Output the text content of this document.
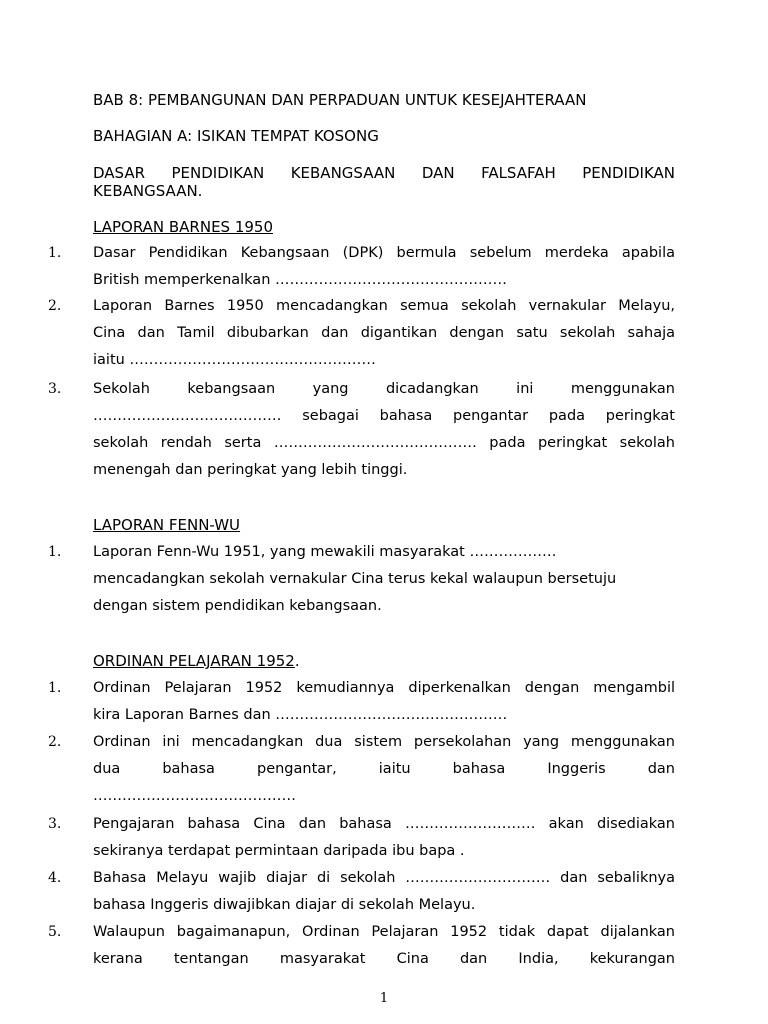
BAB 8: PEMBANGUNAN DAN PERPADUAN UNTUK KESEJAHTERAAN
BAHAGIAN A: ISIKAN TEMPAT KOSONG
DASAR PENDIDIKAN KEBANGSAAN DAN FALSAFAH PENDIDIKAN
KEBANGSAAN.
LAPORAN BARNES 1950
1. Dasar Pendidikan Kebangsaan (DPK) bermula sebelum merdeka apabila
British memperkenalkan …………………………………………
2. Laporan Barnes 1950 mencadangkan semua sekolah vernakular Melayu,
Cina dan Tamil dibubarkan dan digantikan dengan satu sekolah sahaja
iaitu ……………………………………………
3. Sekolah kebangsaan yang dicadangkan ini menggunakan
………………………………… sebagai bahasa pengantar pada peringkat
sekolah rendah serta …………………………………… pada peringkat sekolah
menengah dan peringkat yang lebih tinggi.
LAPORAN FENN-WU
1. Laporan Fenn-Wu 1951, yang mewakili masyarakat ………………
mencadangkan sekolah vernakular Cina terus kekal walaupun bersetuju
dengan sistem pendidikan kebangsaan.
ORDINAN PELAJARAN 1952.
1. Ordinan Pelajaran 1952 kemudiannya diperkenalkan dengan mengambil
kira Laporan Barnes dan …………………………………………
2. Ordinan ini mencadangkan dua sistem persekolahan yang menggunakan
dua bahasa pengantar, iaitu bahasa Inggeris dan
……………………………………
3. Pengajaran bahasa Cina dan bahasa ……………………… akan disediakan
sekiranya terdapat permintaan daripada ibu bapa .
4. Bahasa Melayu wajib diajar di sekolah ………………………… dan sebaliknya
bahasa Inggeris diwajibkan diajar di sekolah Melayu.
5. Walaupun bagaimanapun, Ordinan Pelajaran 1952 tidak dapat dijalankan
kerana tentangan masyarakat Cina dan India, kekurangan
1
